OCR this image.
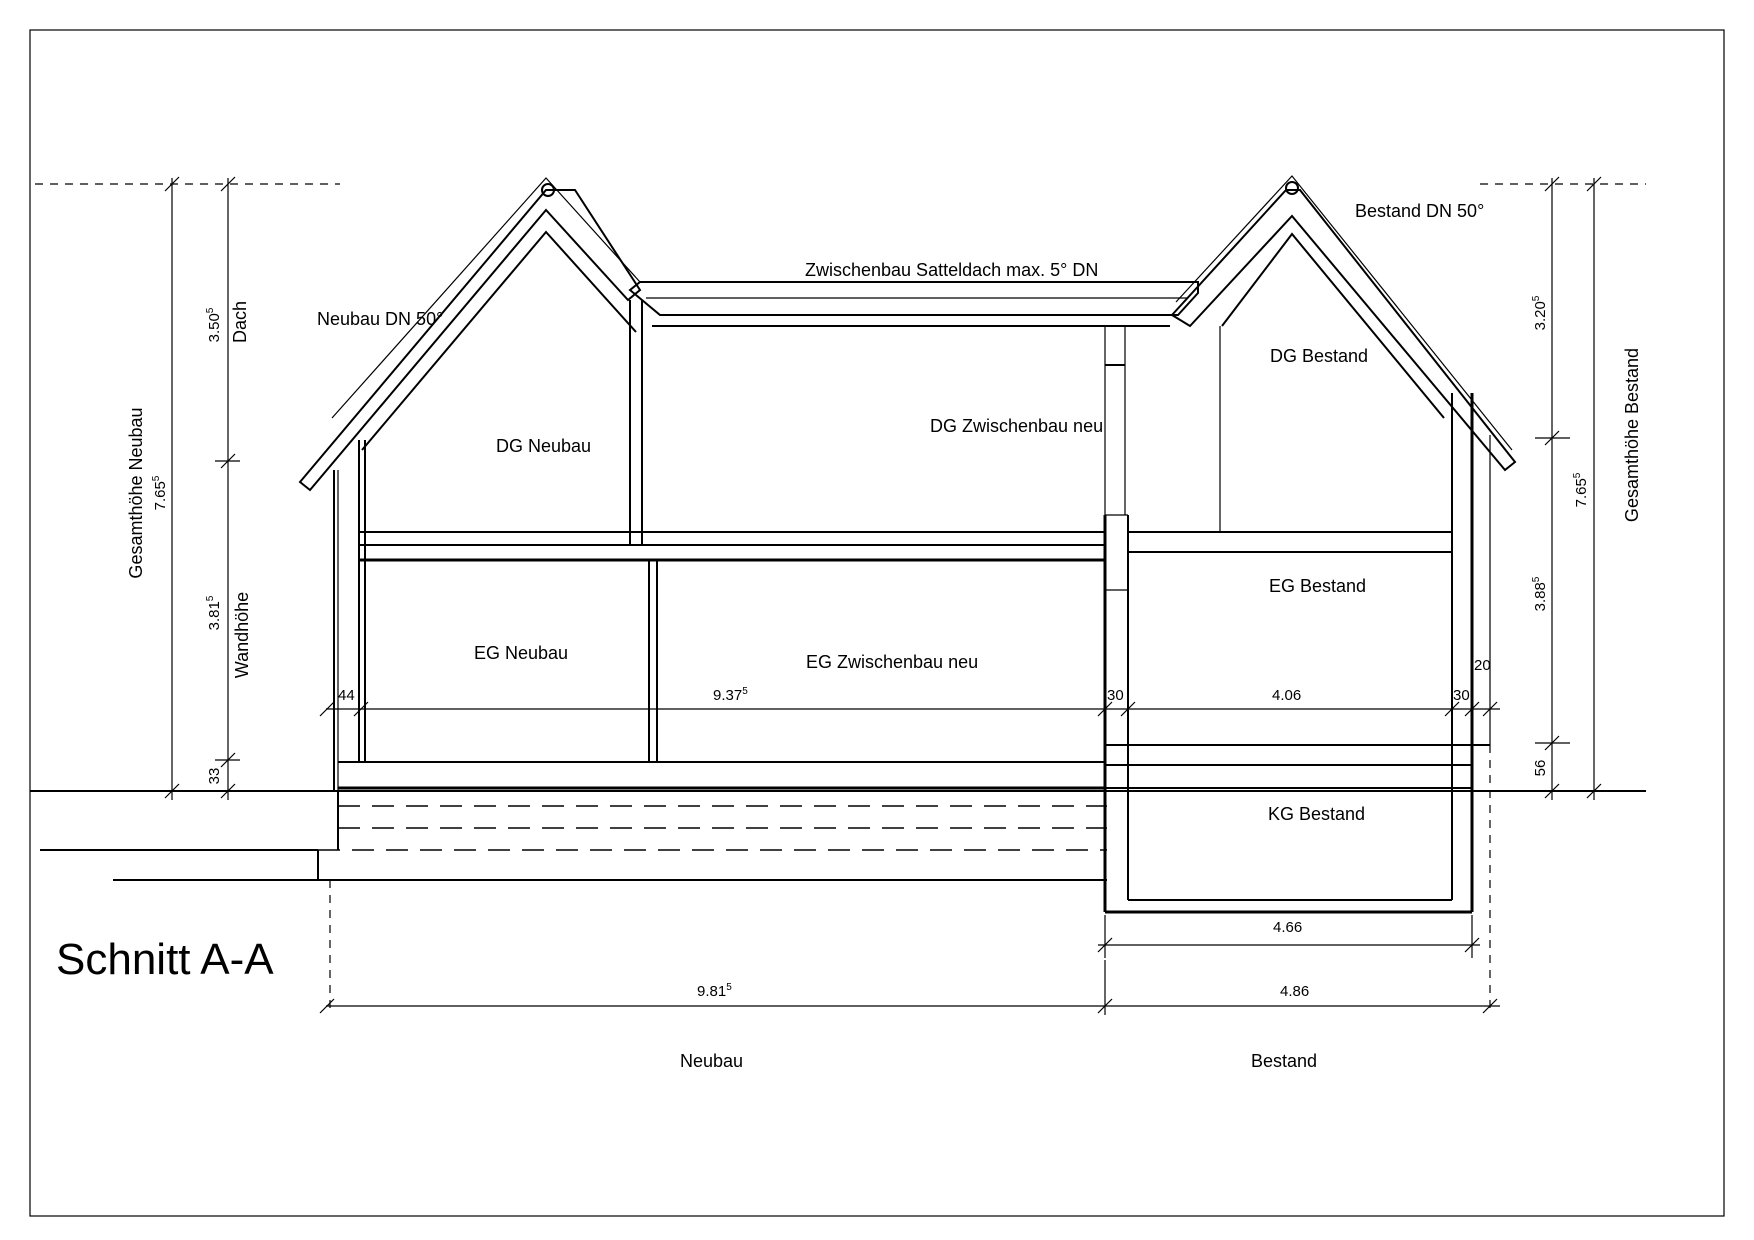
Neubau DN 50°
Bestand DN 50°
Zwischenbau Satteldach max. 5° DN
DG Neubau
DG Zwischenbau neu
DG Bestand
EG Neubau	EG Zwischenbau neu
EG Bestand
KG Bestand
Gesamthöhe Neubau	Gesamthöhe Bestand
Dach
Wandhöhe
7.65$^5$
3.50$^5$
3.81$^5$
33
7.65$^5$
3.20$^5$
3.88$^5$
56
44	9.37$^5$	30	4.06	30
20
4.66
9.81$^5$	4.86
Neubau	Bestand
Schnitt A-A
